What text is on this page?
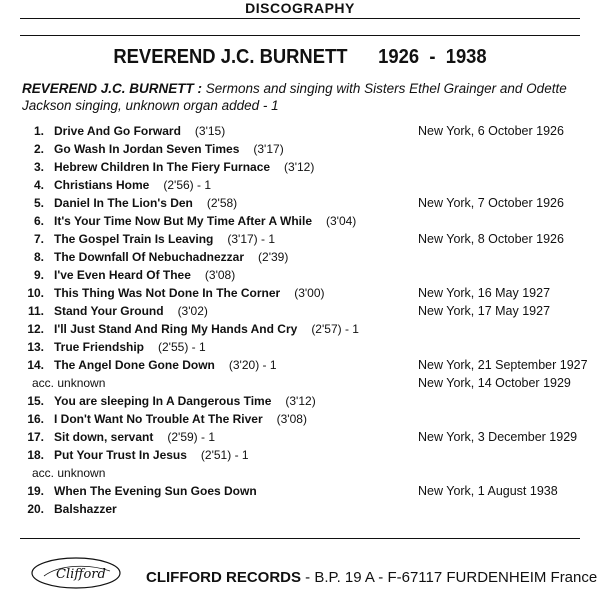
DISCOGRAPHY
REVEREND J.C. BURNETT 1926 - 1938
REVEREND J.C. BURNETT : Sermons and singing with Sisters Ethel Grainger and Odette Jackson singing, unknown organ added - 1
1. Drive And Go Forward (3'15)	New York, 6 October 1926
2. Go Wash In Jordan Seven Times (3'17)
3. Hebrew Children In The Fiery Furnace (3'12)
4. Christians Home (2'56) - 1
5. Daniel In The Lion's Den (2'58)	New York, 7 October 1926
6. It's Your Time Now But My Time After A While (3'04)
7. The Gospel Train Is Leaving (3'17) - 1	New York, 8 October 1926
8. The Downfall Of Nebuchadnezzar (2'39)
9. I've Even Heard Of Thee (3'08)
10. This Thing Was Not Done In The Corner (3'00)	New York, 16 May 1927
11. Stand Your Ground (3'02)	New York, 17 May 1927
12. I'll Just Stand And Ring My Hands And Cry (2'57) - 1
13. True Friendship (2'55) - 1
14. The Angel Done Gone Down (3'20) - 1	New York, 21 September 1927
acc. unknown	New York, 14 October 1929
15. You are sleeping In A Dangerous Time (3'12)
16. I Don't Want No Trouble At The River (3'08)
17. Sit down, servant (2'59) - 1	New York, 3 December 1929
18. Put Your Trust In Jesus (2'51) - 1
acc. unknown
19. When The Evening Sun Goes Down	New York, 1 August 1938
20. Balshazzer
Clifford	CLIFFORD RECORDS - B.P. 19 A - F-67117 FURDENHEIM France
